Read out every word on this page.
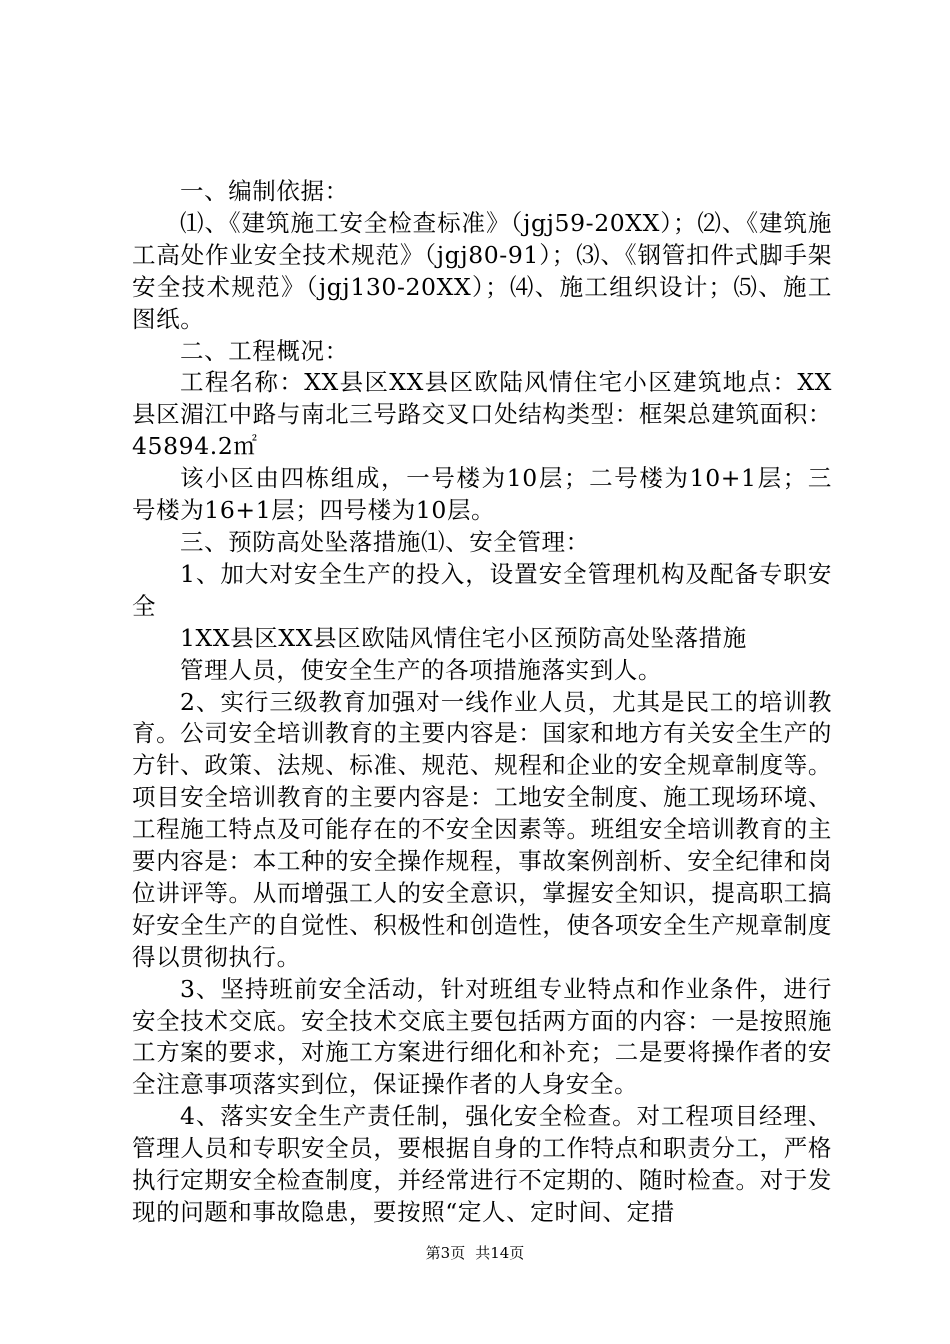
一、编制依据：

⑴、《建筑施工安全检查标准》（jgj59-20XX）；⑵、《建筑施工高处作业安全技术规范》（jgj80-91）；⑶、《钢管扣件式脚手架安全技术规范》（jgj130-20XX）；⑷、施工组织设计；⑸、施工图纸。

二、工程概况：

工程名称：XX县区XX县区欧陆风情住宅小区建筑地点：XX县区湄江中路与南北三号路交叉口处结构类型：框架总建筑面积：45894.2㎡

该小区由四栋组成，一号楼为10层；二号楼为10+1层；三号楼为16+1层；四号楼为10层。

三、预防高处坠落措施⑴、安全管理：

1、加大对安全生产的投入，设置安全管理机构及配备专职安全

1XX县区XX县区欧陆风情住宅小区预防高处坠落措施

管理人员，使安全生产的各项措施落实到人。

2、实行三级教育加强对一线作业人员，尤其是民工的培训教育。公司安全培训教育的主要内容是：国家和地方有关安全生产的方针、政策、法规、标准、规范、规程和企业的安全规章制度等。项目安全培训教育的主要内容是：工地安全制度、施工现场环境、工程施工特点及可能存在的不安全因素等。班组安全培训教育的主要内容是：本工种的安全操作规程，事故案例剖析、安全纪律和岗位讲评等。从而增强工人的安全意识，掌握安全知识，提高职工搞好安全生产的自觉性、积极性和创造性，使各项安全生产规章制度得以贯彻执行。

3、坚持班前安全活动，针对班组专业特点和作业条件，进行安全技术交底。安全技术交底主要包括两方面的内容：一是按照施工方案的要求，对施工方案进行细化和补充；二是要将操作者的安全注意事项落实到位，保证操作者的人身安全。

4、落实安全生产责任制，强化安全检查。对工程项目经理、管理人员和专职安全员，要根据自身的工作特点和职责分工，严格执行定期安全检查制度，并经常进行不定期的、随时检查。对于发现的问题和事故隐患，要按照“定人、定时间、定措

第3页 共14页
